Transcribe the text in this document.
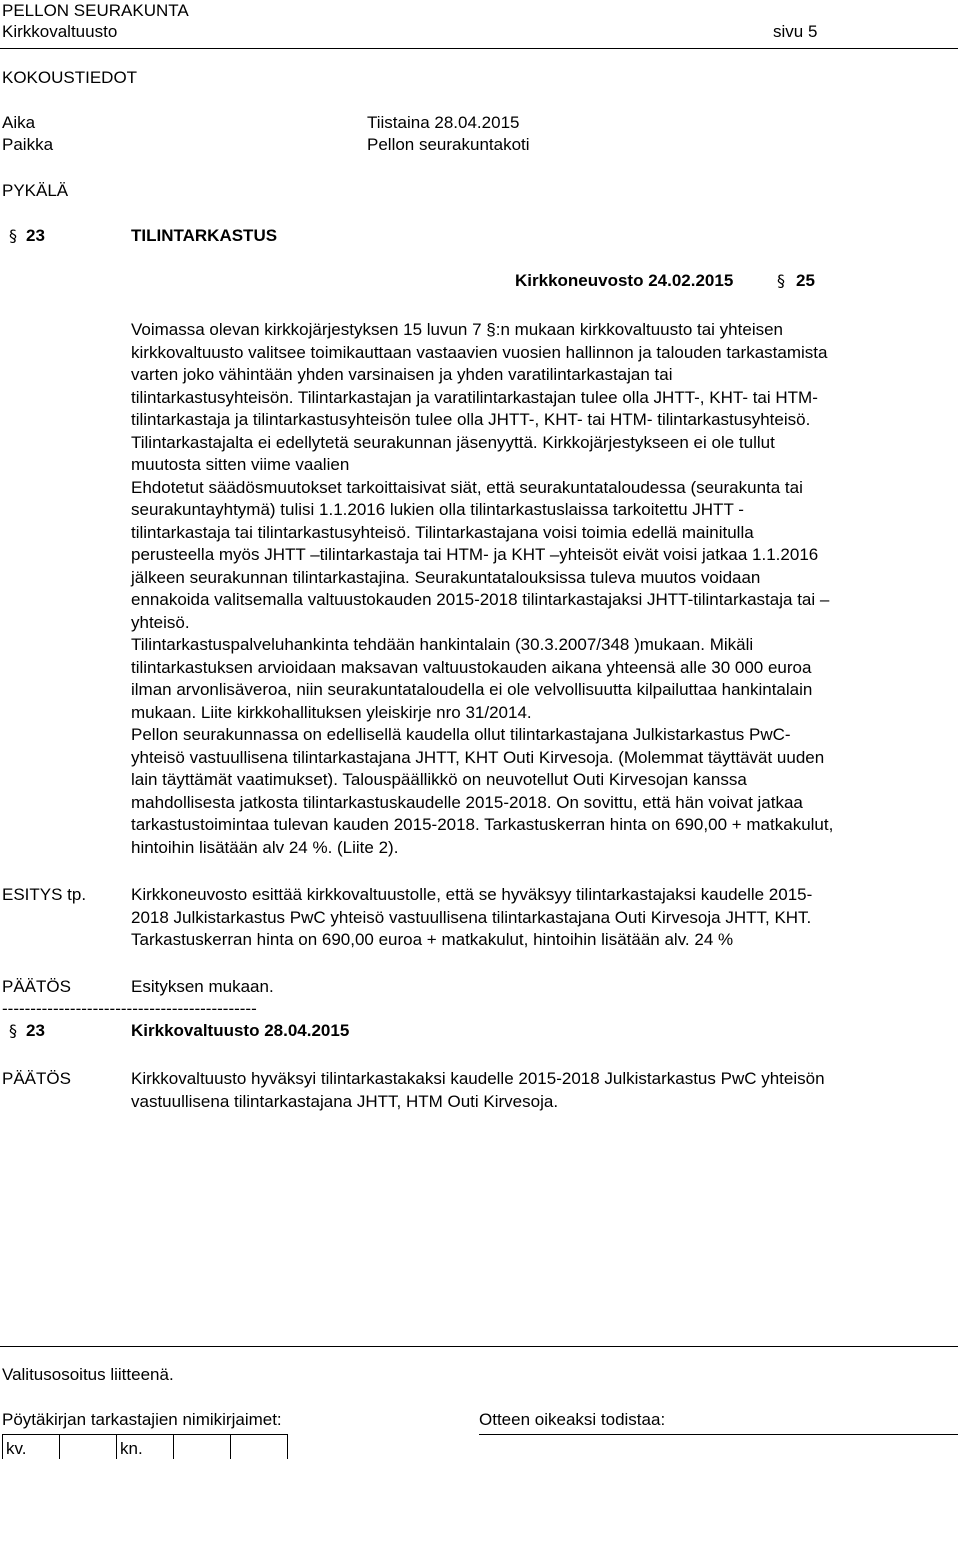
PELLON SEURAKUNTA
Kirkkovaltuusto	sivu 5
KOKOUSTIEDOT
Aika	Tiistaina 28.04.2015
Paikka	Pellon seurakuntakoti
PYKÄLÄ
§ 23	TILINTARKASTUS
Kirkkoneuvosto 24.02.2015	§ 25

Voimassa olevan kirkkojärjestyksen 15 luvun 7 §:n mukaan kirkkovaltuusto tai yhteisen

kirkkovaltuusto valitsee toimikauttaan vastaavien vuosien hallinnon ja talouden tarkastamista

varten joko vähintään yhden varsinaisen ja yhden varatilintarkastajan tai

tilintarkastusyhteisön. Tilintarkastajan ja varatilintarkastajan tulee olla JHTT-, KHT- tai HTM-

tilintarkastaja ja tilintarkastusyhteisön tulee olla JHTT-, KHT- tai HTM- tilintarkastusyhteisö.

Tilintarkastajalta ei edellytetä seurakunnan jäsenyyttä. Kirkkojärjestykseen ei ole tullut

muutosta sitten viime vaalien

Ehdotetut säädösmuutokset tarkoittaisivat siät, että seurakuntataloudessa (seurakunta tai

seurakuntayhtymä) tulisi 1.1.2016 lukien olla tilintarkastuslaissa tarkoitettu JHTT -

tilintarkastaja tai tilintarkastusyhteisö. Tilintarkastajana voisi toimia edellä mainitulla

perusteella myös JHTT –tilintarkastaja tai HTM- ja KHT –yhteisöt eivät voisi jatkaa 1.1.2016

jälkeen seurakunnan tilintarkastajina. Seurakuntatalouksissa tuleva muutos voidaan

ennakoida valitsemalla valtuustokauden 2015-2018 tilintarkastajaksi JHTT-tilintarkastaja tai –

yhteisö.

Tilintarkastuspalveluhankinta tehdään hankintalain (30.3.2007/348 )mukaan. Mikäli

tilintarkastuksen arvioidaan maksavan valtuustokauden aikana yhteensä alle 30 000 euroa

ilman arvonlisäveroa, niin seurakuntataloudella ei ole velvollisuutta kilpailuttaa hankintalain

mukaan. Liite kirkkohallituksen yleiskirje nro 31/2014.

Pellon seurakunnassa on edellisellä kaudella ollut tilintarkastajana Julkistarkastus PwC-

yhteisö vastuullisena tilintarkastajana JHTT, KHT Outi Kirvesoja. (Molemmat täyttävät uuden

lain täyttämät vaatimukset). Talouspäällikkö on neuvotellut Outi Kirvesojan kanssa

mahdollisesta jatkosta tilintarkastuskaudelle 2015-2018. On sovittu, että hän voivat jatkaa

tarkastustoimintaa tulevan kauden 2015-2018. Tarkastuskerran hinta on 690,00 + matkakulut,

hintoihin lisätään alv 24 %. (Liite 2).

ESITYS tp.	Kirkkoneuvosto esittää kirkkovaltuustolle, että se hyväksyy tilintarkastajaksi kaudelle 2015-

2018 Julkistarkastus PwC yhteisö vastuullisena tilintarkastajana Outi Kirvesoja JHTT, KHT.

Tarkastuskerran hinta on 690,00 euroa + matkakulut, hintoihin lisätään alv. 24 %

PÄÄTÖS	Esityksen mukaan.
---------------------------------------------
§ 23	Kirkkovaltuusto 28.04.2015
PÄÄTÖS	Kirkkovaltuusto hyväksyi tilintarkastakaksi kaudelle 2015-2018 Julkistarkastus PwC yhteisön

vastuullisena tilintarkastajana JHTT, HTM Outi Kirvesoja.

Valitusosoitus liitteenä.
Pöytäkirjan tarkastajien nimikirjaimet:	Otteen oikeaksi todistaa:
kv.	kn.
